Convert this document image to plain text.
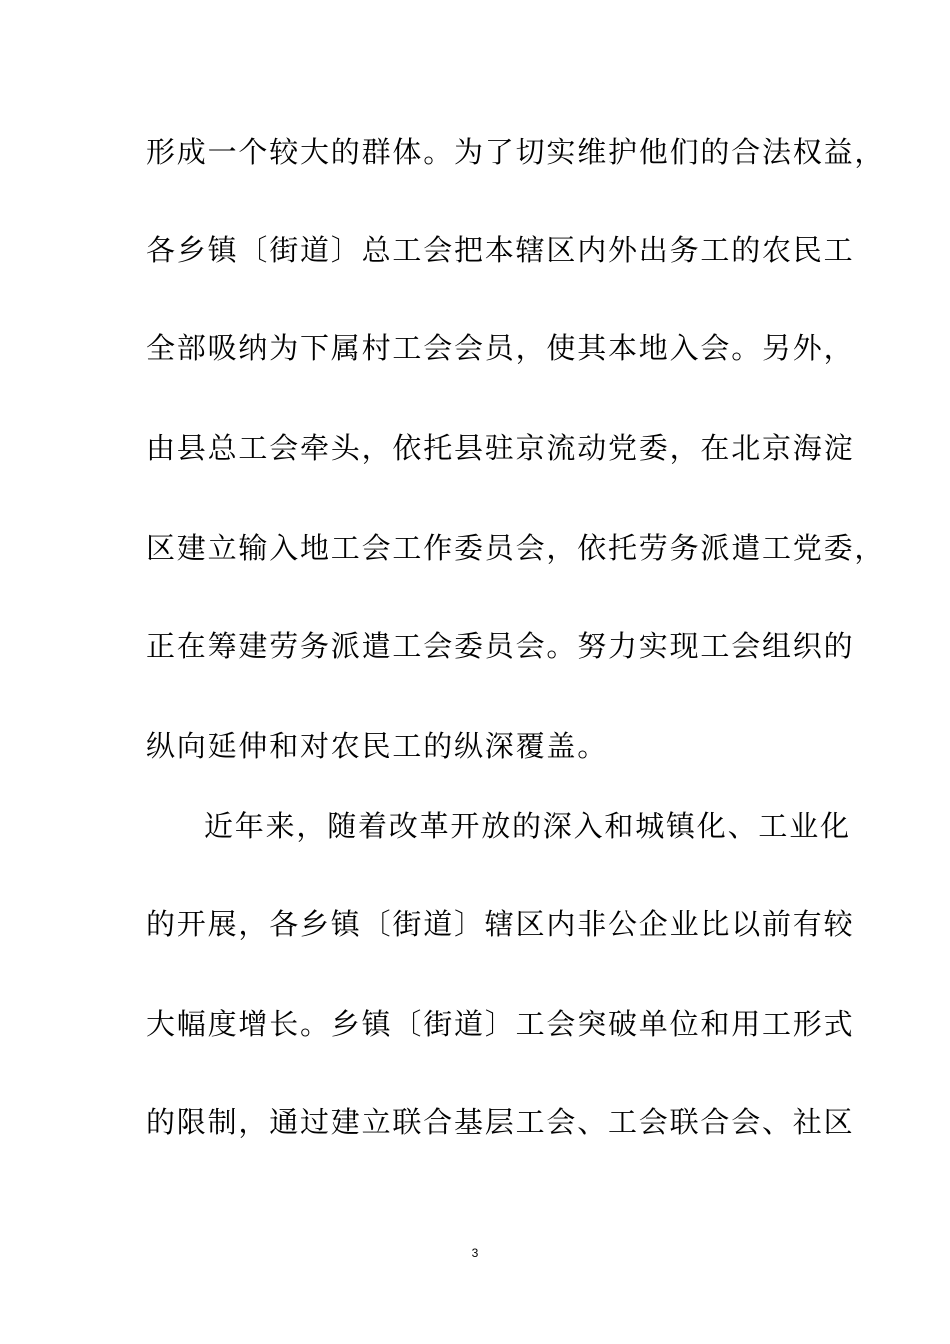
形成一个较大的群体。为了切实维护他们的合法权益，
各乡镇〔街道〕总工会把本辖区内外出务工的农民工
全部吸纳为下属村工会会员，使其本地入会。另外，
由县总工会牵头，依托县驻京流动党委，在北京海淀
区建立输入地工会工作委员会，依托劳务派遣工党委，
正在筹建劳务派遣工会委员会。努力实现工会组织的
纵向延伸和对农民工的纵深覆盖。
近年来，随着改革开放的深入和城镇化、工业化
的开展，各乡镇〔街道〕辖区内非公企业比以前有较
大幅度增长。乡镇〔街道〕工会突破单位和用工形式
的限制，通过建立联合基层工会、工会联合会、社区
3
